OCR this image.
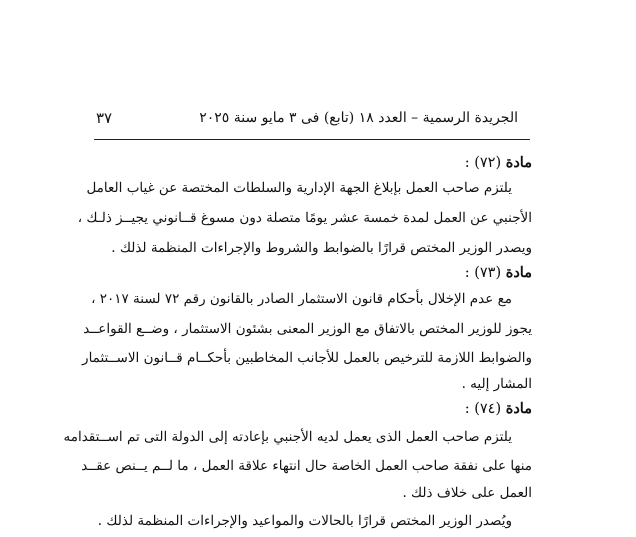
الجريدة الرسمية – العدد ١٨ (تابع) فى ٣ مايو سنة ٢٠٢٥
٣٧
مادة (٧٢) :
يلتزم صاحب العمل بإبلاغ الجهة الإدارية والسلطات المختصة عن غياب العامل
الأجنبي عن العمل لمدة خمسة عشر يومًا متصلة دون مسوغ قــانوني يجيــز ذلـك ،
ويصدر الوزير المختص قرارًا بالضوابط والشروط والإجراءات المنظمة لذلك .
مادة (٧٣) :
مع عدم الإخلال بأحكام قانون الاستثمار الصادر بالقانون رقم ٧٢ لسنة ٢٠١٧ ،
يجوز للوزير المختص بالاتفاق مع الوزير المعنى بشئون الاستثمار ، وضــع القواعــد
والضوابط اللازمة للترخيص بالعمل للأجانب المخاطبين بأحكــام قــانون الاســتثمار
المشار إليه .
مادة (٧٤) :
يلتزم صاحب العمل الذى يعمل لديه الأجنبي بإعادته إلى الدولة التى تم اســتقدامه
منها على نفقة صاحب العمل الخاصة حال انتهاء علاقة العمل ، ما لــم يــنص عقــد
العمل على خلاف ذلك .
ويُصدر الوزير المختص قرارًا بالحالات والمواعيد والإجراءات المنظمة لذلك .
